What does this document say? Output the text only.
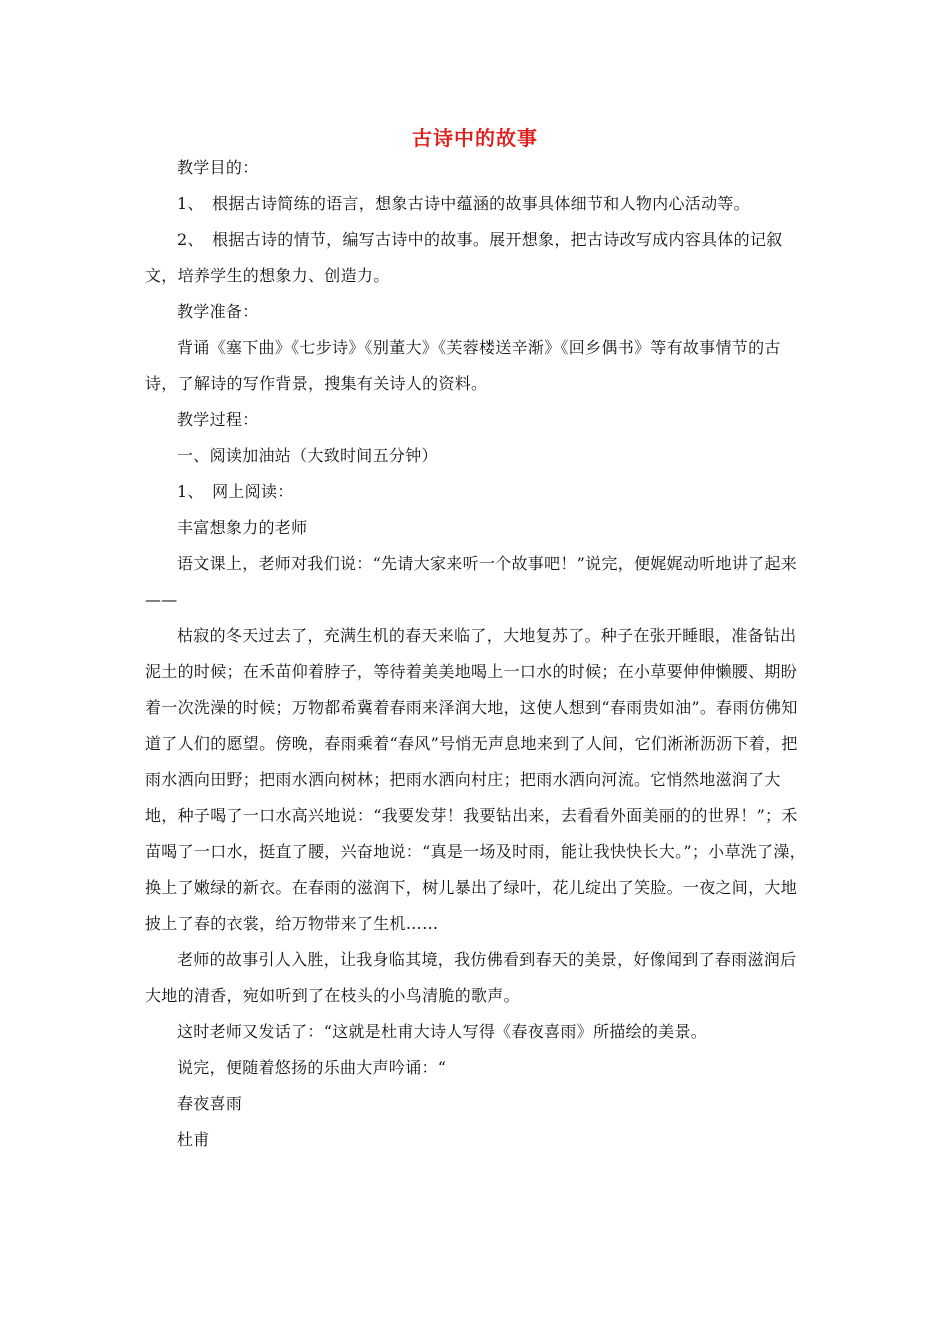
古诗中的故事

教学目的：

1、　根据古诗简练的语言，想象古诗中蕴涵的故事具体细节和人物内心活动等。

2、　根据古诗的情节，编写古诗中的故事。展开想象，把古诗改写成内容具体的记叙文，培养学生的想象力、创造力。

教学准备：

背诵《塞下曲》《七步诗》《别董大》《芙蓉楼送辛渐》《回乡偶书》等有故事情节的古诗，了解诗的写作背景，搜集有关诗人的资料。

教学过程：

一、阅读加油站（大致时间五分钟）

1、　网上阅读：

丰富想象力的老师

语文课上，老师对我们说：“先请大家来听一个故事吧！”说完，便娓娓动听地讲了起来——

枯寂的冬天过去了，充满生机的春天来临了，大地复苏了。种子在张开睡眼，准备钻出泥土的时候；在禾苗仰着脖子，等待着美美地喝上一口水的时候；在小草要伸伸懒腰、期盼着一次洗澡的时候；万物都希冀着春雨来泽润大地，这使人想到“春雨贵如油”。春雨仿佛知道了人们的愿望。傍晚，春雨乘着“春风”号悄无声息地来到了人间，它们淅淅沥沥下着，把雨水洒向田野；把雨水洒向树林；把雨水洒向村庄；把雨水洒向河流。它悄然地滋润了大地，种子喝了一口水高兴地说：“我要发芽！我要钻出来，去看看外面美丽的的世界！”；禾苗喝了一口水，挺直了腰，兴奋地说：“真是一场及时雨，能让我快快长大。”；小草洗了澡，换上了嫩绿的新衣。在春雨的滋润下，树儿暴出了绿叶，花儿绽出了笑脸。一夜之间，大地披上了春的衣裳，给万物带来了生机……

老师的故事引人入胜，让我身临其境，我仿佛看到春天的美景，好像闻到了春雨滋润后大地的清香，宛如听到了在枝头的小鸟清脆的歌声。

这时老师又发话了：“这就是杜甫大诗人写得《春夜喜雨》所描绘的美景。

说完，便随着悠扬的乐曲大声吟诵：“

春夜喜雨

杜甫
